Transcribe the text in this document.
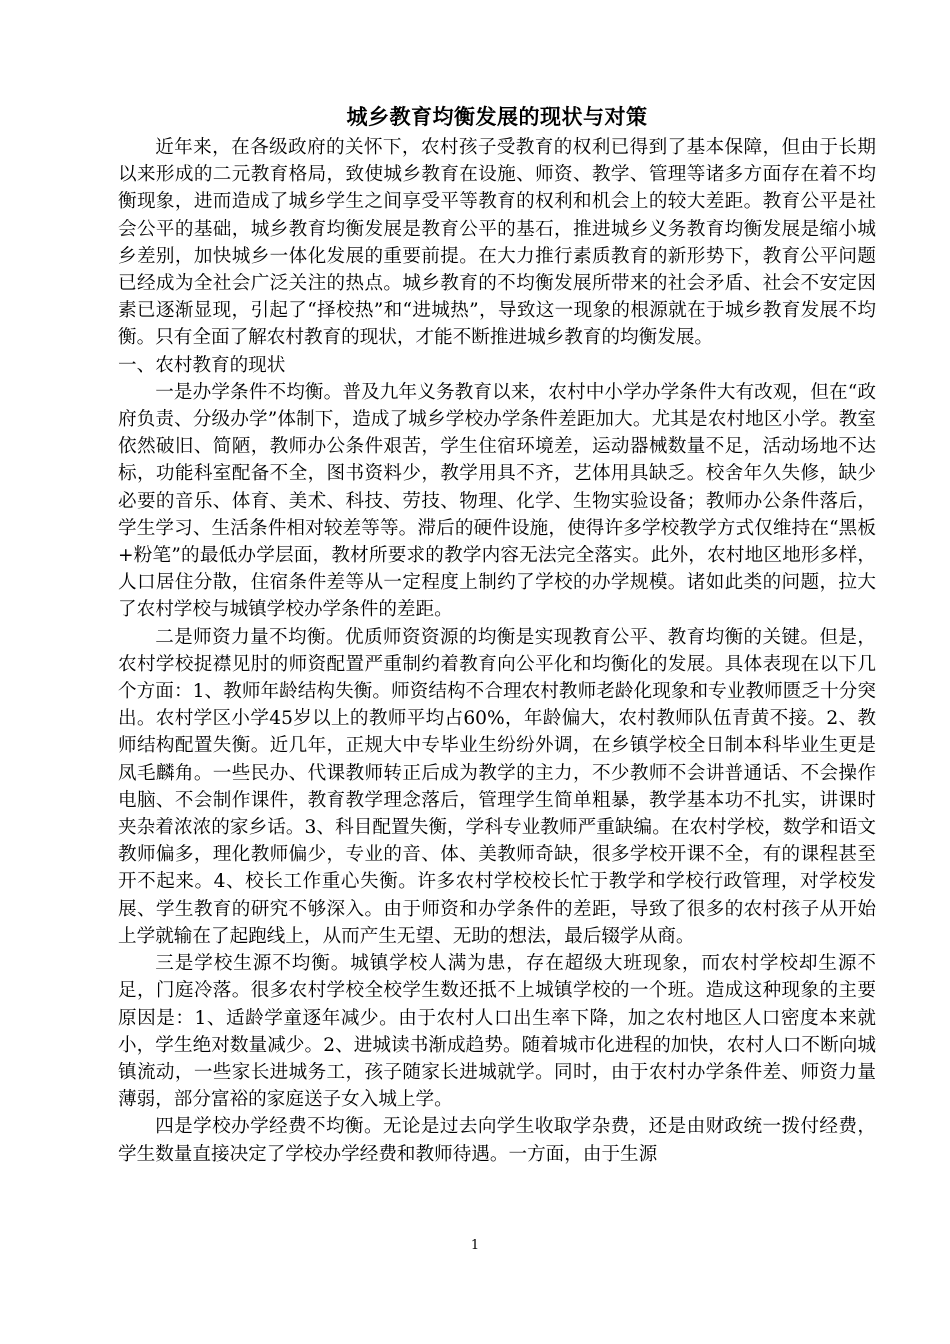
城乡教育均衡发展的现状与对策

近年来，在各级政府的关怀下，农村孩子受教育的权利已得到了基本保障，但由于长期以来形成的二元教育格局，致使城乡教育在设施、师资、教学、管理等诸多方面存在着不均衡现象，进而造成了城乡学生之间享受平等教育的权利和机会上的较大差距。教育公平是社会公平的基础，城乡教育均衡发展是教育公平的基石，推进城乡义务教育均衡发展是缩小城乡差别，加快城乡一体化发展的重要前提。在大力推行素质教育的新形势下，教育公平问题已经成为全社会广泛关注的热点。城乡教育的不均衡发展所带来的社会矛盾、社会不安定因素已逐渐显现，引起了“择校热”和“进城热”，导致这一现象的根源就在于城乡教育发展不均衡。只有全面了解农村教育的现状，才能不断推进城乡教育的均衡发展。

一、农村教育的现状

一是办学条件不均衡。普及九年义务教育以来，农村中小学办学条件大有改观，但在“政府负责、分级办学”体制下，造成了城乡学校办学条件差距加大。尤其是农村地区小学。教室依然破旧、简陋，教师办公条件艰苦，学生住宿环境差，运动器械数量不足，活动场地不达标，功能科室配备不全，图书资料少，教学用具不齐，艺体用具缺乏。校舍年久失修，缺少必要的音乐、体育、美术、科技、劳技、物理、化学、生物实验设备；教师办公条件落后，学生学习、生活条件相对较差等等。滞后的硬件设施，使得许多学校教学方式仅维持在“黑板+粉笔”的最低办学层面，教材所要求的教学内容无法完全落实。此外，农村地区地形多样，人口居住分散，住宿条件差等从一定程度上制约了学校的办学规模。诸如此类的问题，拉大了农村学校与城镇学校办学条件的差距。

二是师资力量不均衡。优质师资资源的均衡是实现教育公平、教育均衡的关键。但是，农村学校捉襟见肘的师资配置严重制约着教育向公平化和均衡化的发展。具体表现在以下几个方面：1、教师年龄结构失衡。师资结构不合理农村教师老龄化现象和专业教师匮乏十分突出。农村学区小学45岁以上的教师平均占60%，年龄偏大，农村教师队伍青黄不接。2、教师结构配置失衡。近几年，正规大中专毕业生纷纷外调，在乡镇学校全日制本科毕业生更是凤毛麟角。一些民办、代课教师转正后成为教学的主力，不少教师不会讲普通话、不会操作电脑、不会制作课件，教育教学理念落后，管理学生简单粗暴，教学基本功不扎实，讲课时夹杂着浓浓的家乡话。3、科目配置失衡，学科专业教师严重缺编。在农村学校，数学和语文教师偏多，理化教师偏少，专业的音、体、美教师奇缺，很多学校开课不全，有的课程甚至开不起来。4、校长工作重心失衡。许多农村学校校长忙于教学和学校行政管理，对学校发展、学生教育的研究不够深入。由于师资和办学条件的差距，导致了很多的农村孩子从开始上学就输在了起跑线上，从而产生无望、无助的想法，最后辍学从商。

三是学校生源不均衡。城镇学校人满为患，存在超级大班现象，而农村学校却生源不足，门庭冷落。很多农村学校全校学生数还抵不上城镇学校的一个班。造成这种现象的主要原因是：1、适龄学童逐年减少。由于农村人口出生率下降，加之农村地区人口密度本来就小，学生绝对数量减少。2、进城读书渐成趋势。随着城市化进程的加快，农村人口不断向城镇流动，一些家长进城务工，孩子随家长进城就学。同时，由于农村办学条件差、师资力量薄弱，部分富裕的家庭送子女入城上学。

四是学校办学经费不均衡。无论是过去向学生收取学杂费，还是由财政统一拨付经费，学生数量直接决定了学校办学经费和教师待遇。一方面，由于生源

1
